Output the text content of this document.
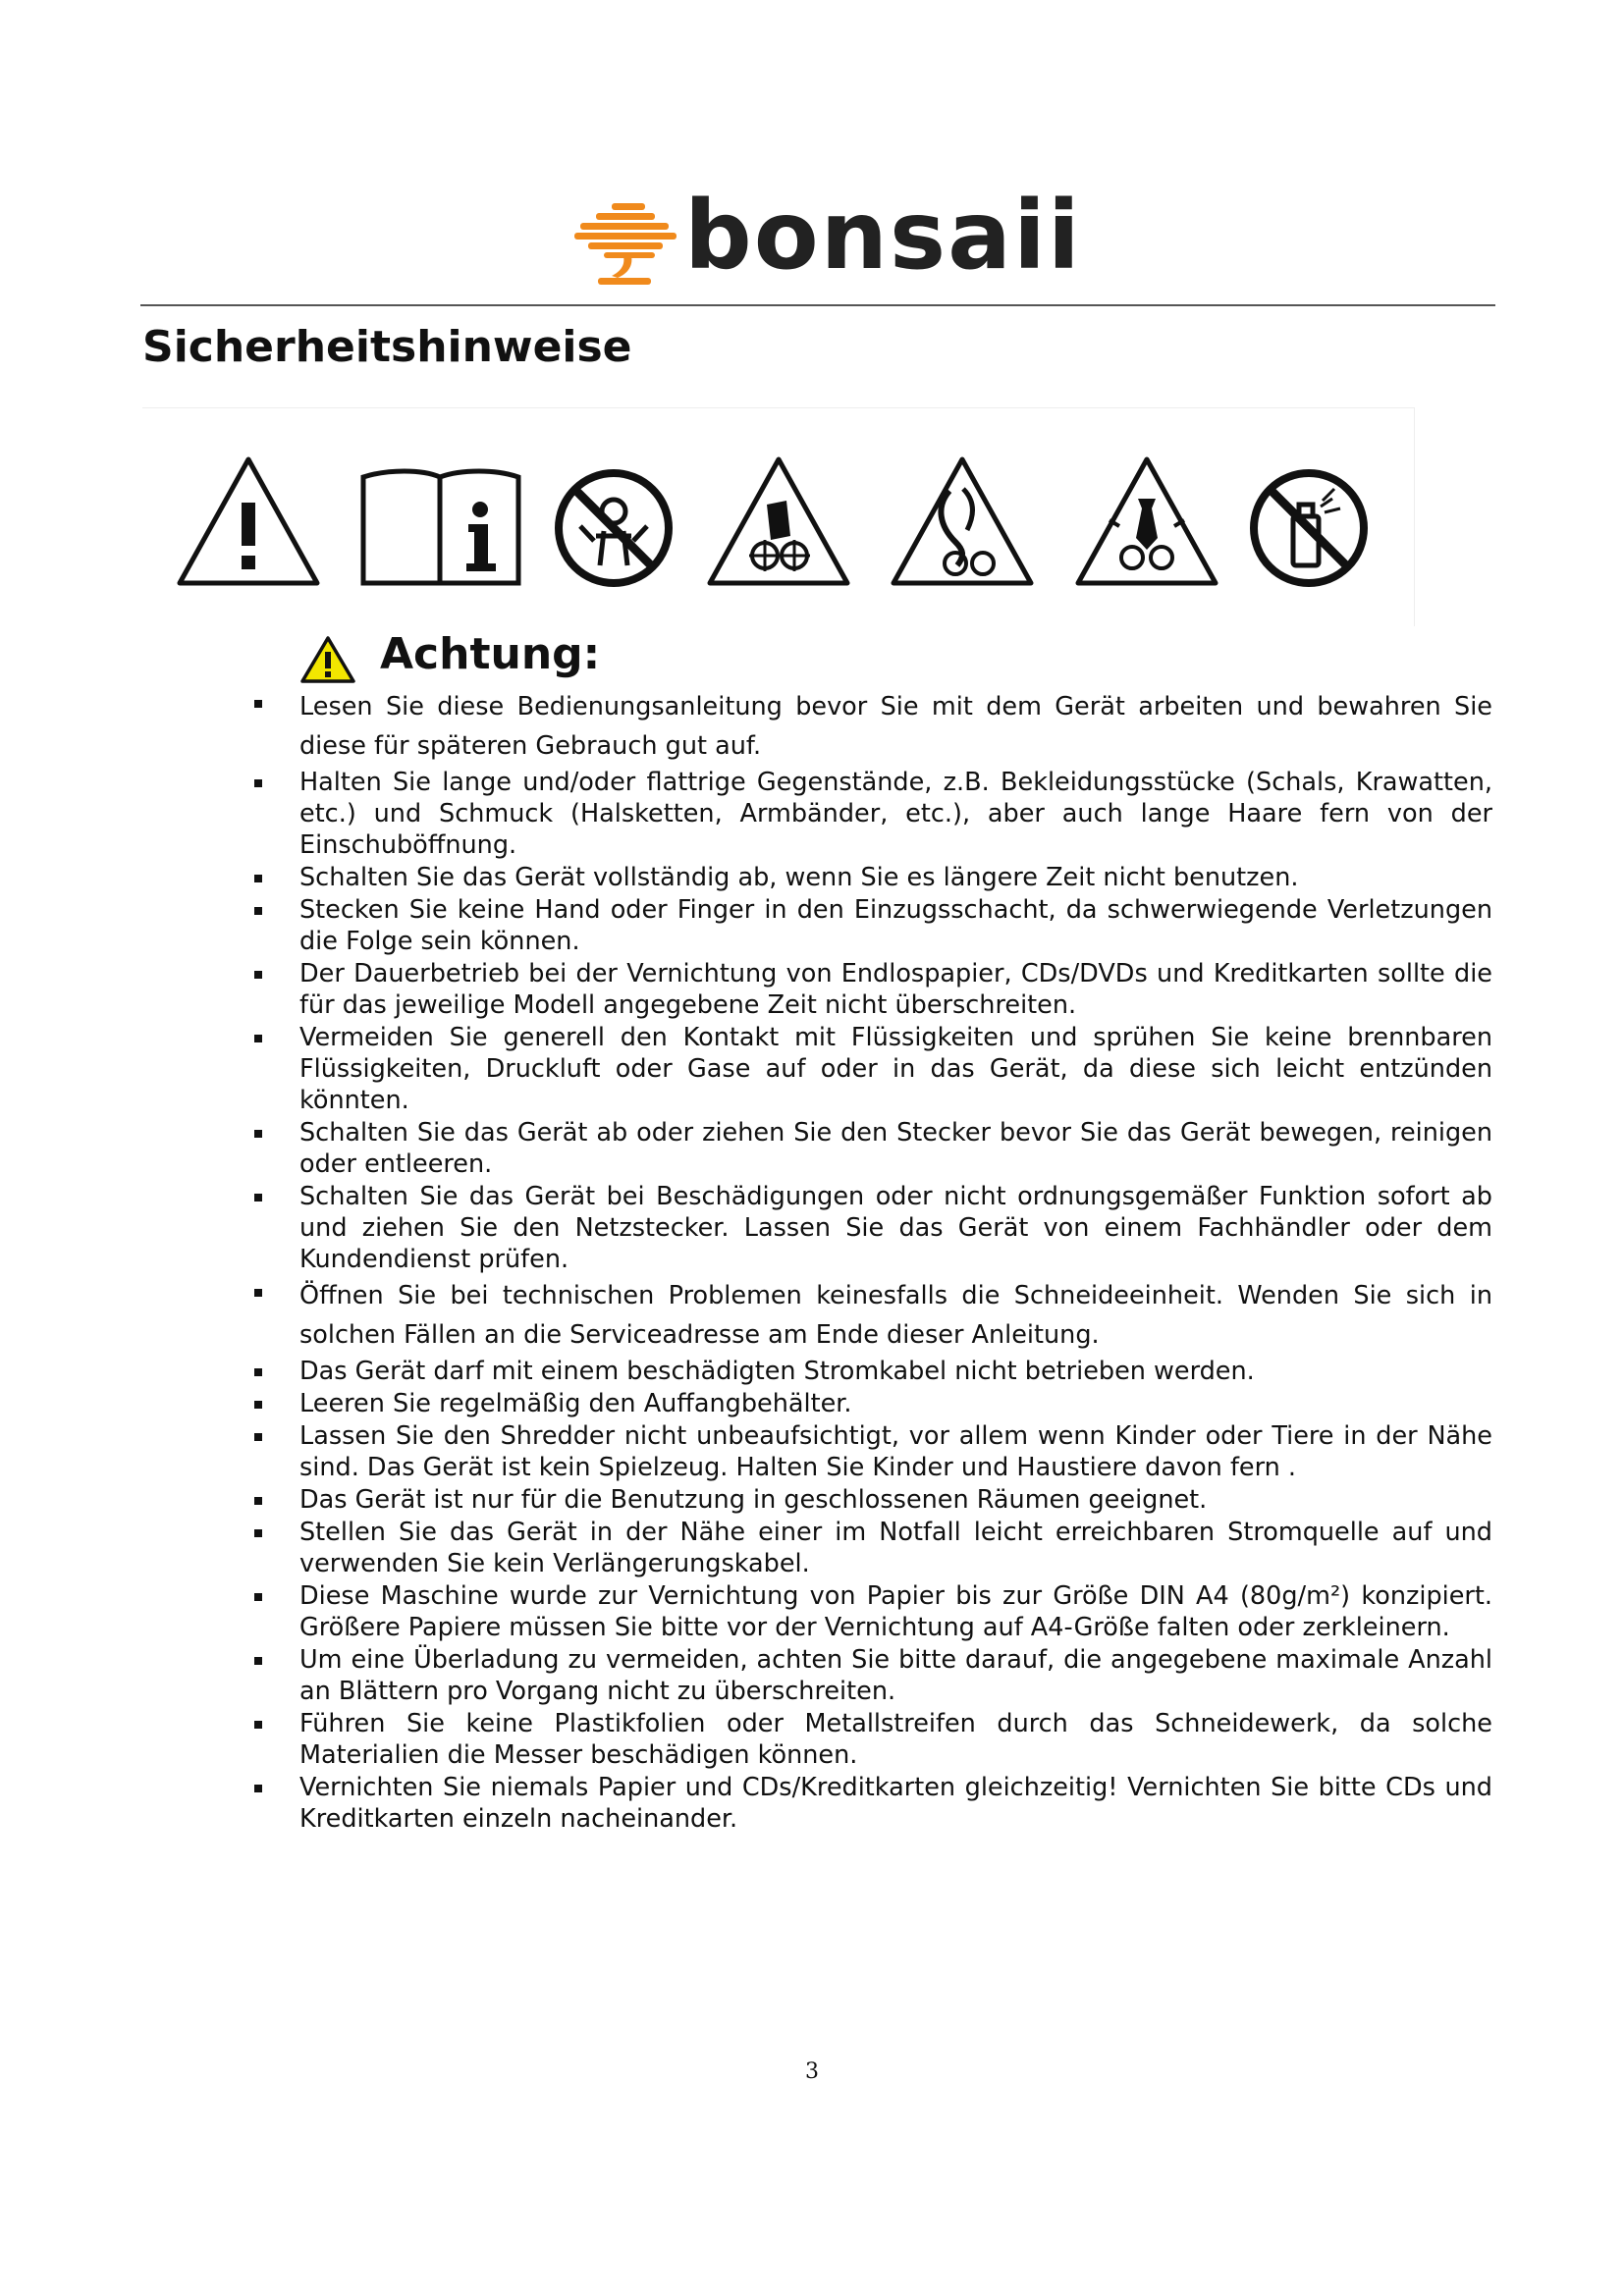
bonsaii
Sicherheitshinweise
Achtung:
Lesen Sie diese Bedienungsanleitung bevor Sie mit dem Gerät arbeiten und bewahren Sie diese für späteren Gebrauch gut auf.
Halten Sie lange und/oder flattrige Gegenstände, z.B. Bekleidungsstücke (Schals, Krawatten, etc.) und Schmuck (Halsketten, Armbänder, etc.), aber auch lange Haare fern von der Einschuböffnung.
Schalten Sie das Gerät vollständig ab, wenn Sie es längere Zeit nicht benutzen.
Stecken Sie keine Hand oder Finger in den Einzugsschacht, da schwerwiegende Verletzungen die Folge sein können.
Der Dauerbetrieb bei der Vernichtung von Endlospapier, CDs/DVDs und Kreditkarten sollte die für das jeweilige Modell angegebene Zeit nicht überschreiten.
Vermeiden Sie generell den Kontakt mit Flüssigkeiten und sprühen Sie keine brennbaren Flüssigkeiten, Druckluft oder Gase auf oder in das Gerät, da diese sich leicht entzünden könnten.
Schalten Sie das Gerät ab oder ziehen Sie den Stecker bevor Sie das Gerät bewegen, reinigen oder entleeren.
Schalten Sie das Gerät bei Beschädigungen oder nicht ordnungsgemäßer Funktion sofort ab und ziehen Sie den Netzstecker. Lassen Sie das Gerät von einem Fachhändler oder dem Kundendienst prüfen.
Öffnen Sie bei technischen Problemen keinesfalls die Schneideeinheit. Wenden Sie sich in solchen Fällen an die Serviceadresse am Ende dieser Anleitung.
Das Gerät darf mit einem beschädigten Stromkabel nicht betrieben werden.
Leeren Sie regelmäßig den Auffangbehälter.
Lassen Sie den Shredder nicht unbeaufsichtigt, vor allem wenn Kinder oder Tiere in der Nähe sind. Das Gerät ist kein Spielzeug. Halten Sie Kinder und Haustiere davon fern .
Das Gerät ist nur für die Benutzung in geschlossenen Räumen geeignet.
Stellen Sie das Gerät in der Nähe einer im Notfall leicht erreichbaren Stromquelle auf und verwenden Sie kein Verlängerungskabel.
Diese Maschine wurde zur Vernichtung von Papier bis zur Größe DIN A4 (80g/m²) konzipiert. Größere Papiere müssen Sie bitte vor der Vernichtung auf A4-Größe falten oder zerkleinern.
Um eine Überladung zu vermeiden, achten Sie bitte darauf, die angegebene maximale Anzahl an Blättern pro Vorgang nicht zu überschreiten.
Führen Sie keine Plastikfolien oder Metallstreifen durch das Schneidewerk, da solche Materialien die Messer beschädigen können.
Vernichten Sie niemals Papier und CDs/Kreditkarten gleichzeitig! Vernichten Sie bitte CDs und Kreditkarten einzeln nacheinander.
3
